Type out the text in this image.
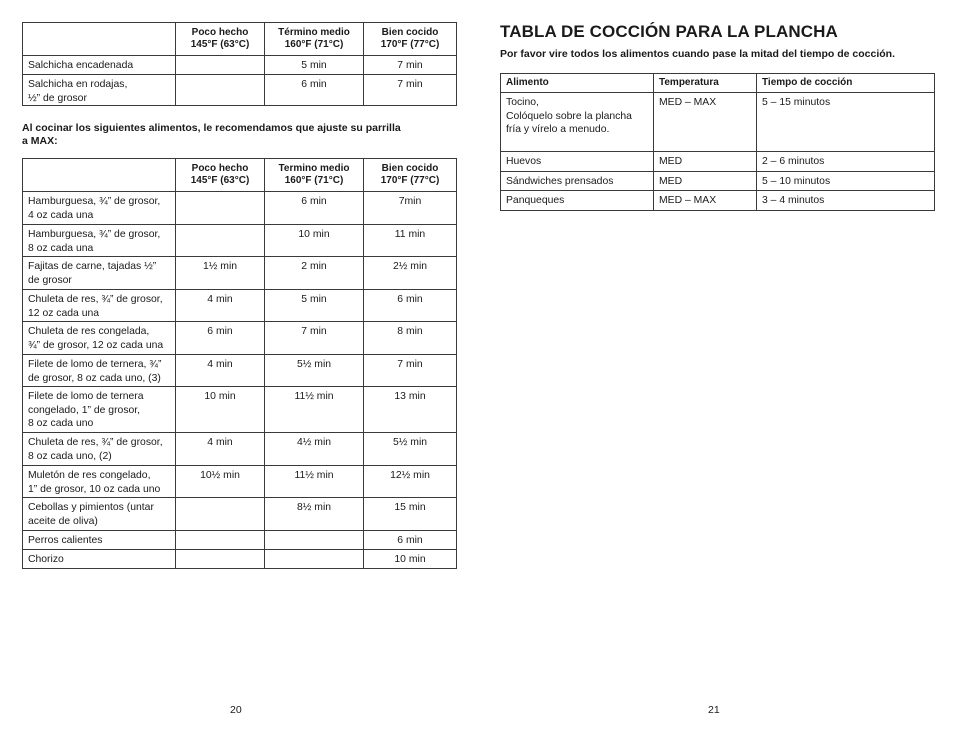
	Poco hecho
145°F (63°C)	Término medio
160°F (71°C)	Bien cocido
170°F (77°C)
Salchicha encadenada		5 min	7 min
Salchicha en rodajas,
½” de grosor		6 min	7 min
Al cocinar los siguientes alimentos, le recomendamos que ajuste su parrilla
a MAX:
	Poco hecho
145°F (63°C)	Termino medio
160°F (71°C)	Bien cocido
170°F (77°C)
Hamburguesa, ¾” de grosor,
4 oz cada una		6 min	7min
Hamburguesa, ¾” de grosor,
8 oz cada una		10 min	11 min
Fajitas de carne, tajadas ½”
de grosor	1½ min	2 min	2½ min
Chuleta de res, ¾” de grosor,
12 oz cada una	4 min	5 min	6 min
Chuleta de res congelada,
¾” de grosor, 12 oz cada una	6 min	7 min	8 min
Filete de lomo de ternera, ¾”
de grosor, 8 oz cada uno, (3)	4 min	5½ min	7 min
Filete de lomo de ternera
congelado, 1” de grosor,
8 oz cada uno	10 min	11½ min	13 min
Chuleta de res, ¾” de grosor,
8 oz cada uno, (2)	4 min	4½ min	5½ min
Muletón de res congelado,
1” de grosor, 10 oz cada uno	10½ min	11½ min	12½ min
Cebollas y pimientos (untar
aceite de oliva)		8½ min	15 min
Perros calientes			6 min
Chorizo			10 min
20
TABLA DE COCCIÓN PARA LA PLANCHA
Por favor vire todos los alimentos cuando pase la mitad del tiempo de cocción.
Alimento	Temperatura	Tiempo de cocción
Tocino,
Colóquelo sobre la plancha
fría y vírelo a menudo.	MED – MAX	5 – 15 minutos
Huevos	MED	2 – 6 minutos
Sándwiches prensados	MED	5 – 10 minutos
Panqueques	MED – MAX	3 – 4 minutos
21
